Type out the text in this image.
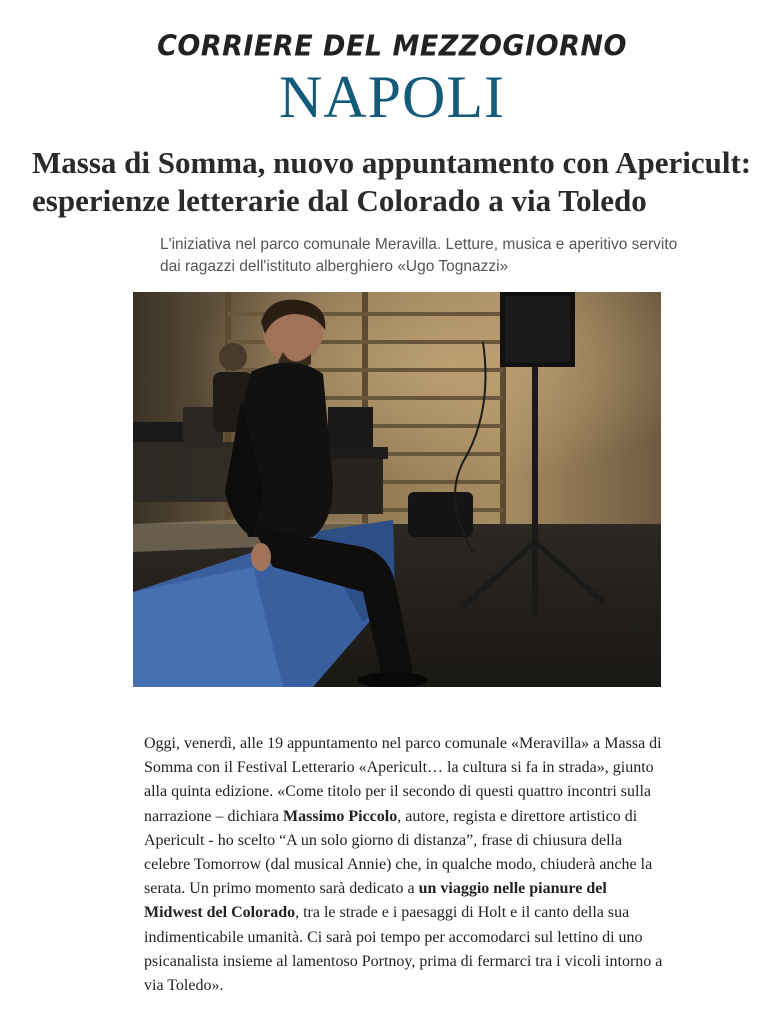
CORRIERE DEL MEZZOGIORNO
NAPOLI
Massa di Somma, nuovo appuntamento con Apericult: esperienze letterarie dal Colorado a via Toledo

L'iniziativa nel parco comunale Meravilla. Letture, musica e aperitivo servito dai ragazzi dell'istituto alberghiero «Ugo Tognazzi»

Oggi, venerdì, alle 19 appuntamento nel parco comunale «Meravilla» a Massa di Somma con il Festival Letterario «Apericult… la cultura si fa in strada», giunto alla quinta edizione. «Come titolo per il secondo di questi quattro incontri sulla narrazione – dichiara Massimo Piccolo, autore, regista e direttore artistico di Apericult - ho scelto “A un solo giorno di distanza”, frase di chiusura della celebre Tomorrow (dal musical Annie) che, in qualche modo, chiuderà anche la serata. Un primo momento sarà dedicato a un viaggio nelle pianure del Midwest del Colorado, tra le strade e i paesaggi di Holt e il canto della sua indimenticabile umanità. Ci sarà poi tempo per accomodarci sul lettino di uno psicanalista insieme al lamentoso Portnoy, prima di fermarci tra i vicoli intorno a via Toledo».
